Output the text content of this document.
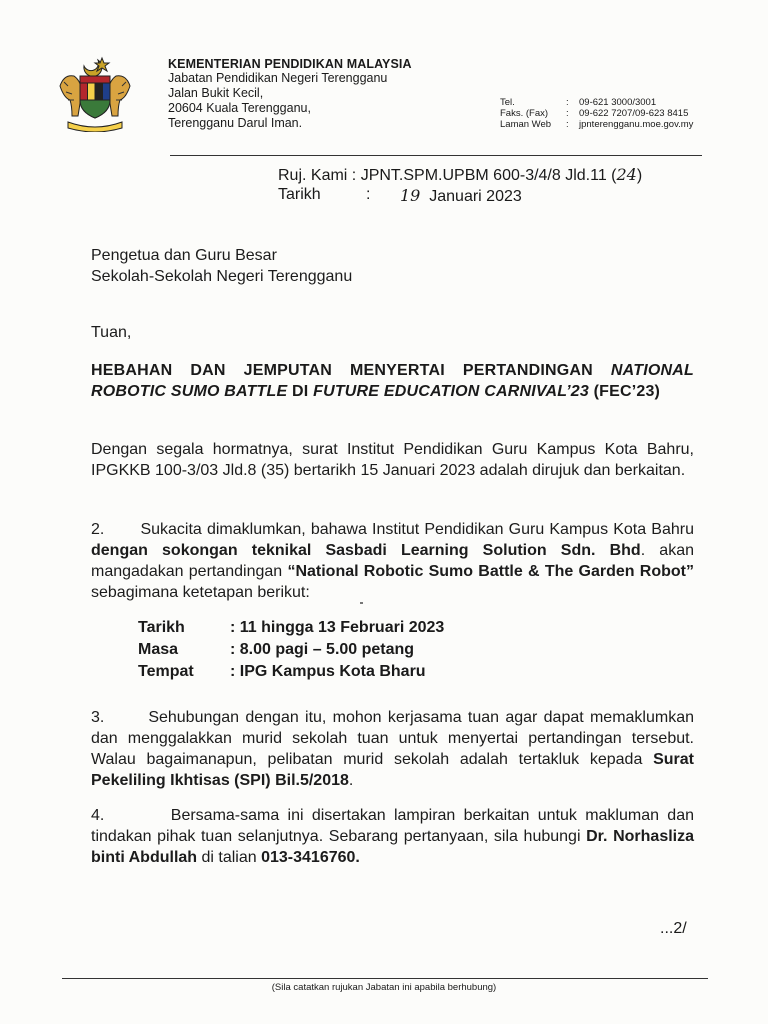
KEMENTERIAN PENDIDIKAN MALAYSIA
Jabatan Pendidikan Negeri Terengganu
Jalan Bukit Kecil,
20604 Kuala Terengganu,
Terengganu Darul Iman.
Tel.	: 09-621 3000/3001
Faks. (Fax) : 09-622 7207/09-623 8415
Laman Web : jpnterengganu.moe.gov.my
Ruj. Kami : JPNT.SPM.UPBM 600-3/4/8 Jld.11 (24)
Tarikh	: 19 Januari 2023
Pengetua dan Guru Besar
Sekolah-Sekolah Negeri Terengganu
Tuan,
HEBAHAN DAN JEMPUTAN MENYERTAI PERTANDINGAN NATIONAL ROBOTIC SUMO BATTLE DI FUTURE EDUCATION CARNIVAL’23 (FEC’23)
Dengan segala hormatnya, surat Institut Pendidikan Guru Kampus Kota Bahru, IPGKKB 100-3/03 Jld.8 (35) bertarikh 15 Januari 2023 adalah dirujuk dan berkaitan.
2. Sukacita dimaklumkan, bahawa Institut Pendidikan Guru Kampus Kota Bahru dengan sokongan teknikal Sasbadi Learning Solution Sdn. Bhd. akan mangadakan pertandingan “National Robotic Sumo Battle & The Garden Robot” sebagimana ketetapan berikut:
Tarikh	: 11 hingga 13 Februari 2023
Masa	: 8.00 pagi – 5.00 petang
Tempat : IPG Kampus Kota Bharu
3.	Sehubungan dengan itu, mohon kerjasama tuan agar dapat memaklumkan dan menggalakkan murid sekolah tuan untuk menyertai pertandingan tersebut. Walau bagaimanapun, pelibatan murid sekolah adalah tertakluk kepada Surat Pekeliling Ikhtisas (SPI) Bil.5/2018.
4.	Bersama-sama ini disertakan lampiran berkaitan untuk makluman dan tindakan pihak tuan selanjutnya. Sebarang pertanyaan, sila hubungi Dr. Norhasliza binti Abdullah di talian 013-3416760.
...2/
(Sila catatkan rujukan Jabatan ini apabila berhubung)
